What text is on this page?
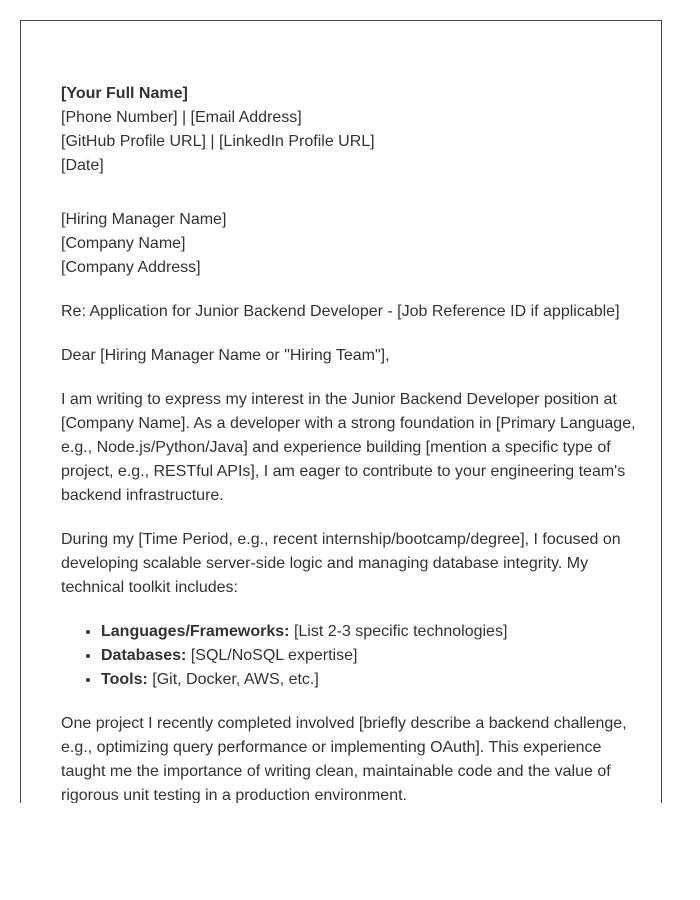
[Your Full Name]
[Phone Number] | [Email Address]
[GitHub Profile URL] | [LinkedIn Profile URL]
[Date]
[Hiring Manager Name]
[Company Name]
[Company Address]

Re: Application for Junior Backend Developer - [Job Reference ID if applicable]

Dear [Hiring Manager Name or "Hiring Team"],

I am writing to express my interest in the Junior Backend Developer position at [Company Name]. As a developer with a strong foundation in [Primary Language, e.g., Node.js/Python/Java] and experience building [mention a specific type of project, e.g., RESTful APIs], I am eager to contribute to your engineering team's backend infrastructure.

During my [Time Period, e.g., recent internship/bootcamp/degree], I focused on developing scalable server-side logic and managing database integrity. My technical toolkit includes:

• Languages/Frameworks: [List 2-3 specific technologies]
• Databases: [SQL/NoSQL expertise]
• Tools: [Git, Docker, AWS, etc.]

One project I recently completed involved [briefly describe a backend challenge, e.g., optimizing query performance or implementing OAuth]. This experience taught me the importance of writing clean, maintainable code and the value of rigorous unit testing in a production environment.
